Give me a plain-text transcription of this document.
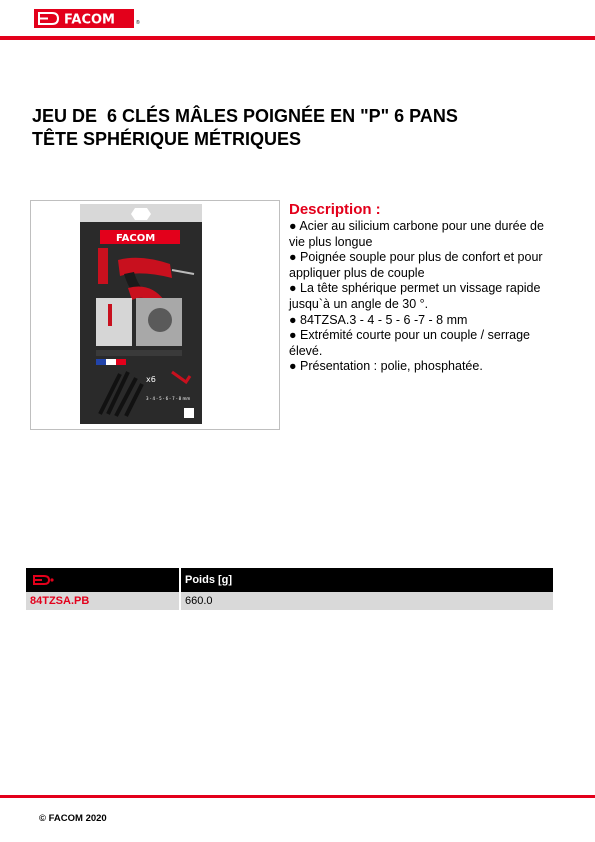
FACOM	®
JEU DE  6 CLÉS MÂLES POIGNÉE EN "P" 6 PANS
TÊTE SPHÉRIQUE MÉTRIQUES
FACOM
x6
3 - 4 - 5 - 6 - 7 - 8 mm
Description :
● Acier au silicium carbone pour une durée de vie plus longue
● Poignée souple pour plus de confort et pour appliquer plus de couple
● La tête sphérique permet un vissage rapide jusqu`à un angle de 30 °.
● 84TZSA.3 - 4 - 5 - 6 -7 - 8 mm
● Extrémité courte pour un couple / serrage élevé.
● Présentation : polie, phosphatée.
	Poids [g]
84TZSA.PB	660.0
© FACOM 2020
